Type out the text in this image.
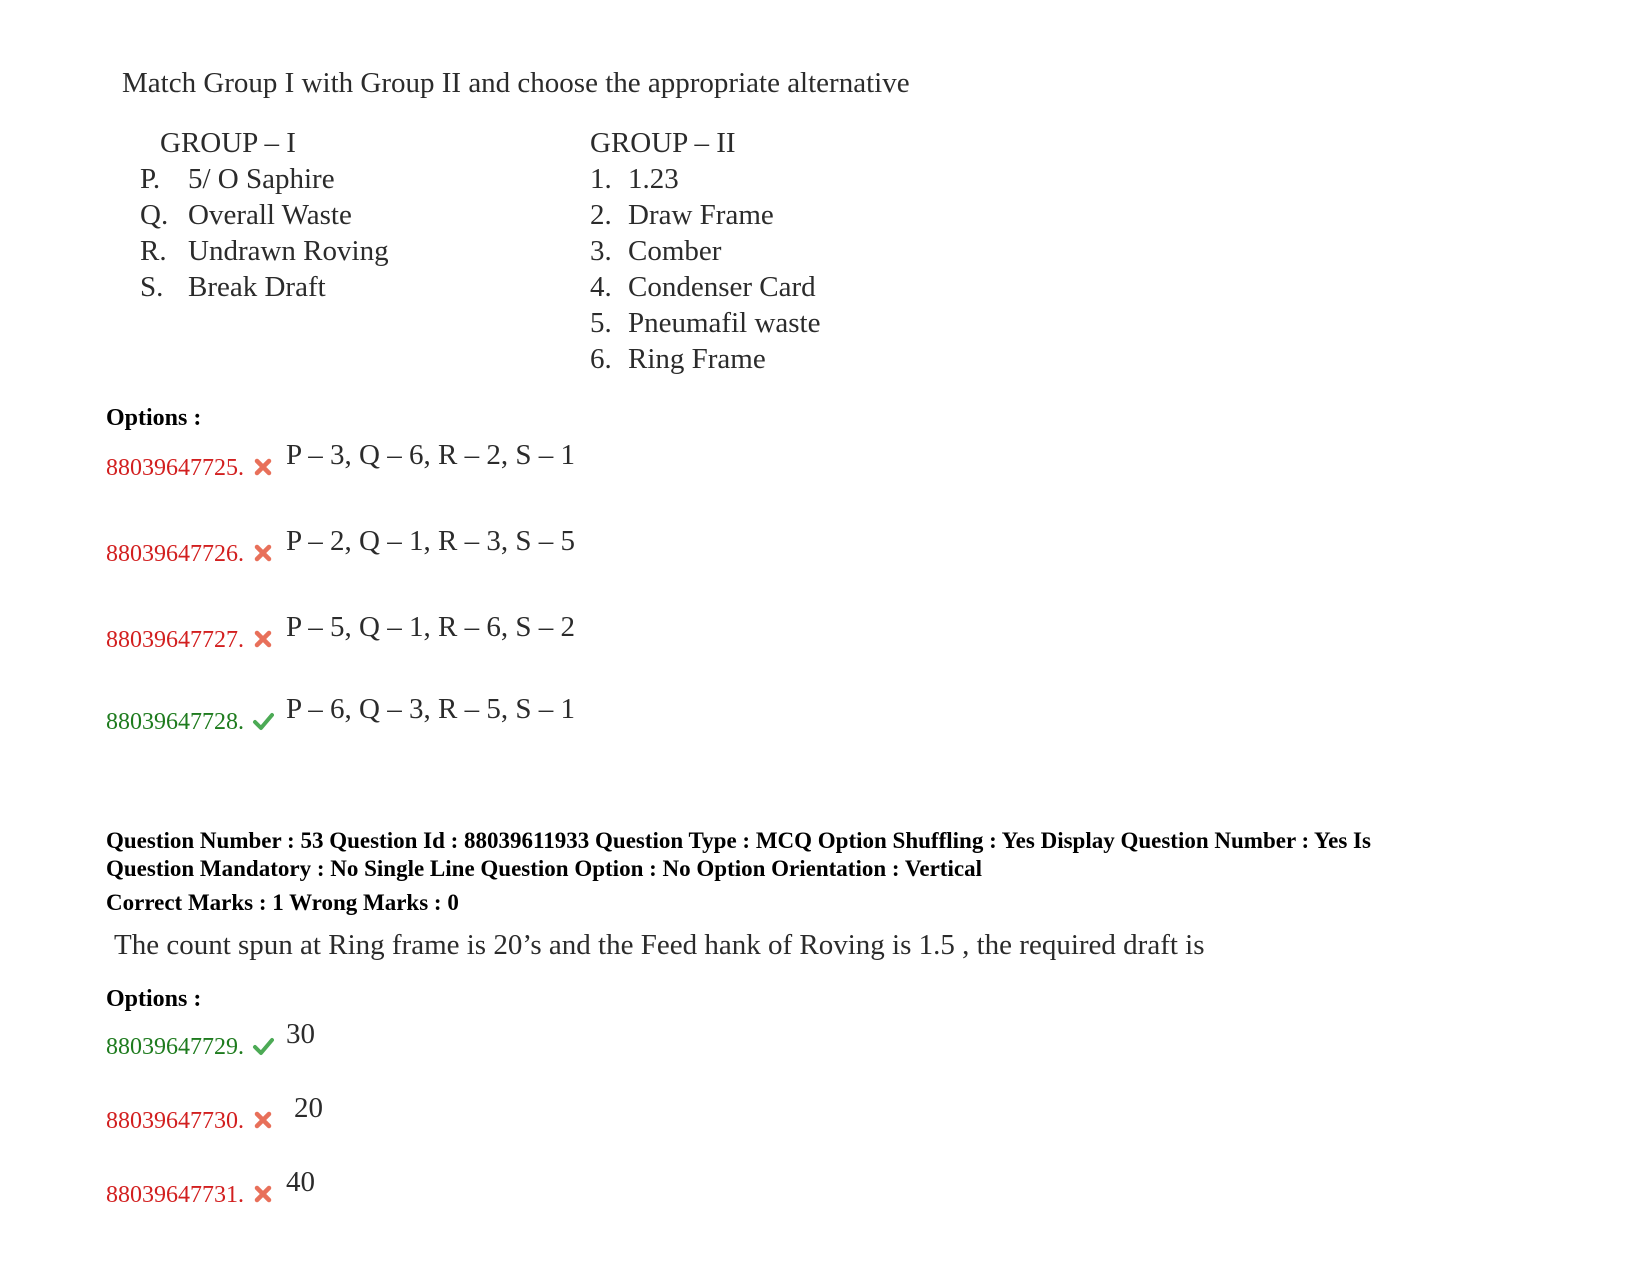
Match Group I with Group II and choose the appropriate alternative
GROUP – I
P. 5/ O Saphire
Q. Overall Waste
R. Undrawn Roving
S. Break Draft
GROUP – II
1. 1.23
2. Draw Frame
3. Comber
4. Condenser Card
5. Pneumafil waste
6. Ring Frame
Options :
88039647725. P – 3, Q – 6, R – 2, S – 1
88039647726. P – 2, Q – 1, R – 3, S – 5
88039647727. P – 5, Q – 1, R – 6, S – 2
88039647728. P – 6, Q – 3, R – 5, S – 1
Question Number : 53 Question Id : 88039611933 Question Type : MCQ Option Shuffling : Yes Display Question Number : Yes Is
Question Mandatory : No Single Line Question Option : No Option Orientation : Vertical
Correct Marks : 1 Wrong Marks : 0
The count spun at Ring frame is 20’s and the Feed hank of Roving is 1.5 , the required draft is
Options :
88039647729. 30
88039647730. 20
88039647731. 40
